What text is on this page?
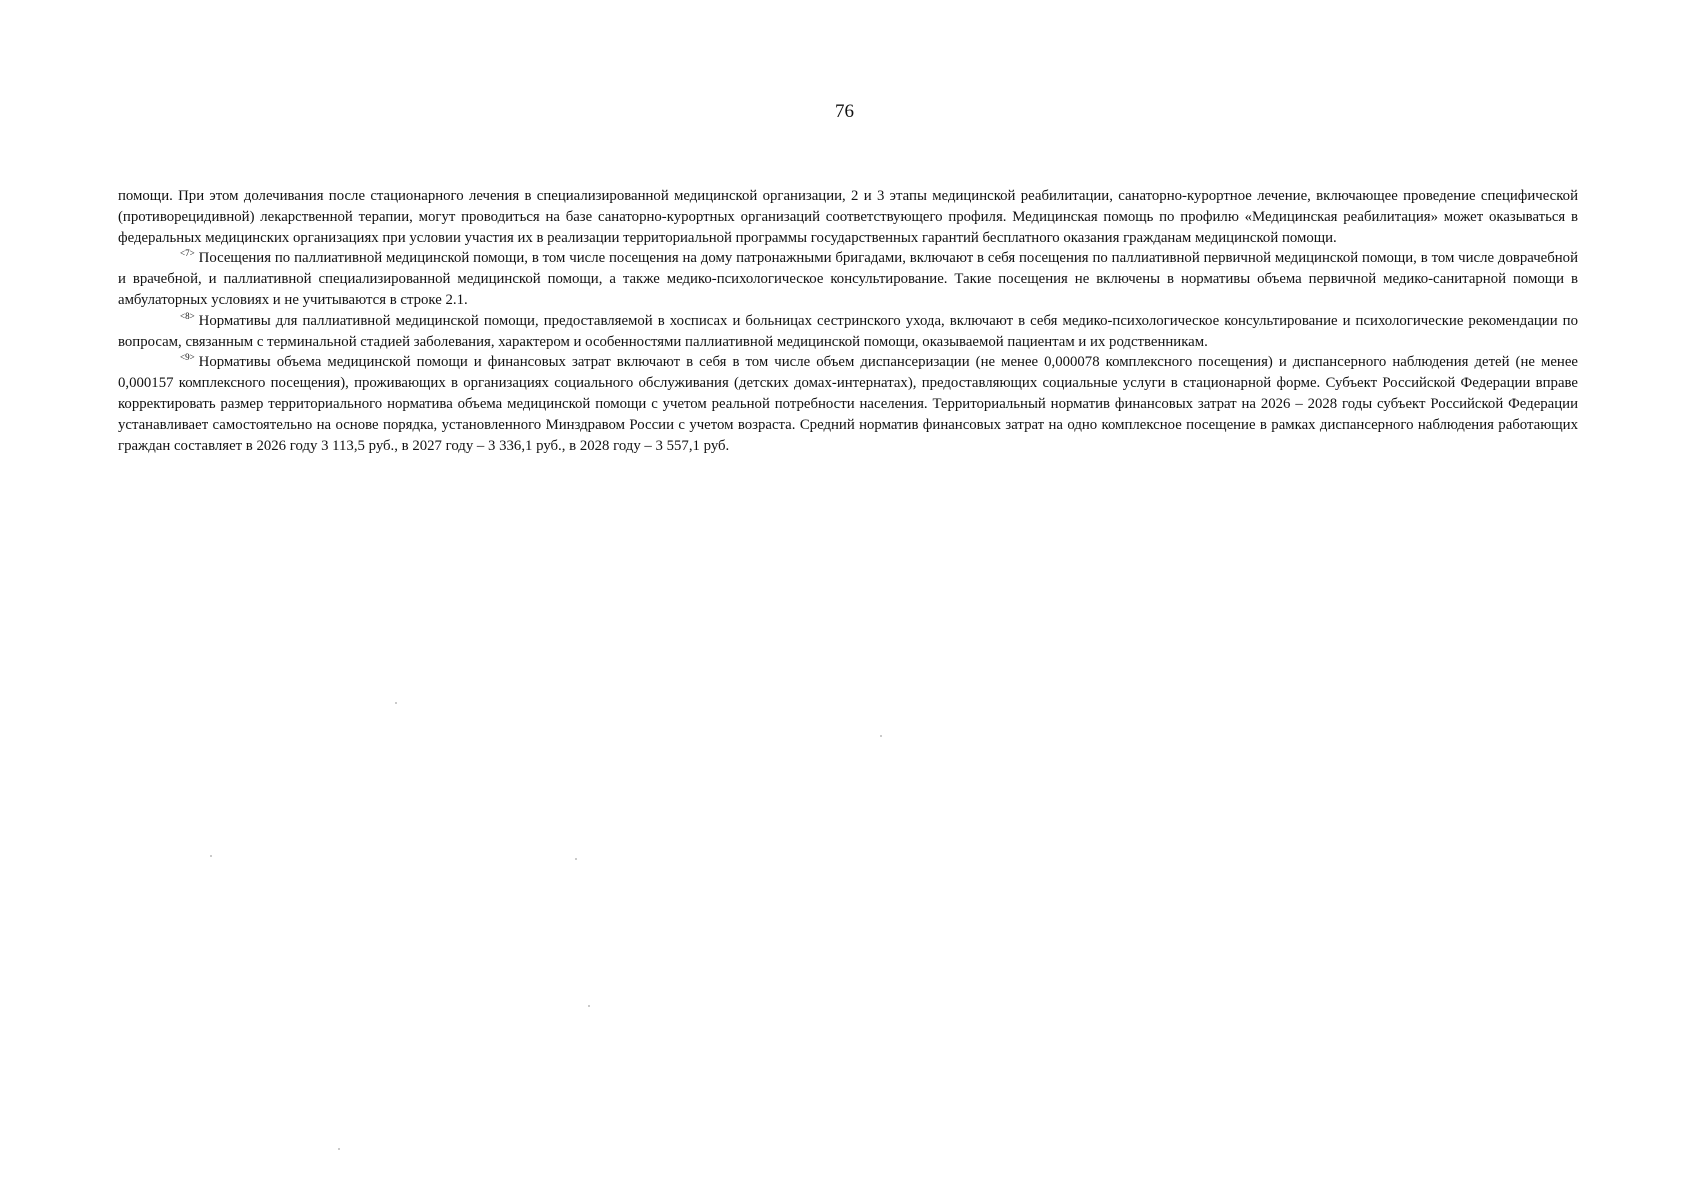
76

помощи. При этом долечивания после стационарного лечения в специализированной медицинской организации, 2 и 3 этапы медицинской реабилитации, санаторно-курортное лечение, включающее проведение специфической (противорецидивной) лекарственной терапии, могут проводиться на базе санаторно-курортных организаций соответствующего профиля. Медицинская помощь по профилю «Медицинская реабилитация» может оказываться в федеральных медицинских организациях при условии участия их в реализации территориальной программы государственных гарантий бесплатного оказания гражданам медицинской помощи.

$^{<7>}$ Посещения по паллиативной медицинской помощи, в том числе посещения на дому патронажными бригадами, включают в себя посещения по паллиативной первичной медицинской помощи, в том числе доврачебной и врачебной, и паллиативной специализированной медицинской помощи, а также медико-психологическое консультирование. Такие посещения не включены в нормативы объема первичной медико-санитарной помощи в амбулаторных условиях и не учитываются в строке 2.1.

$^{<8>}$ Нормативы для паллиативной медицинской помощи, предоставляемой в хосписах и больницах сестринского ухода, включают в себя медико-психологическое консультирование и психологические рекомендации по вопросам, связанным с терминальной стадией заболевания, характером и особенностями паллиативной медицинской помощи, оказываемой пациентам и их родственникам.

$^{<9>}$ Нормативы объема медицинской помощи и финансовых затрат включают в себя в том числе объем диспансеризации (не менее 0,000078 комплексного посещения) и диспансерного наблюдения детей (не менее 0,000157 комплексного посещения), проживающих в организациях социального обслуживания (детских домах-интернатах), предоставляющих социальные услуги в стационарной форме. Субъект Российской Федерации вправе корректировать размер территориального норматива объема медицинской помощи с учетом реальной потребности населения. Территориальный норматив финансовых затрат на 2026 – 2028 годы субъект Российской Федерации устанавливает самостоятельно на основе порядка, установленного Минздравом России с учетом возраста. Средний норматив финансовых затрат на одно комплексное посещение в рамках диспансерного наблюдения работающих граждан составляет в 2026 году 3 113,5 руб., в 2027 году – 3 336,1 руб., в 2028 году – 3 557,1 руб.
